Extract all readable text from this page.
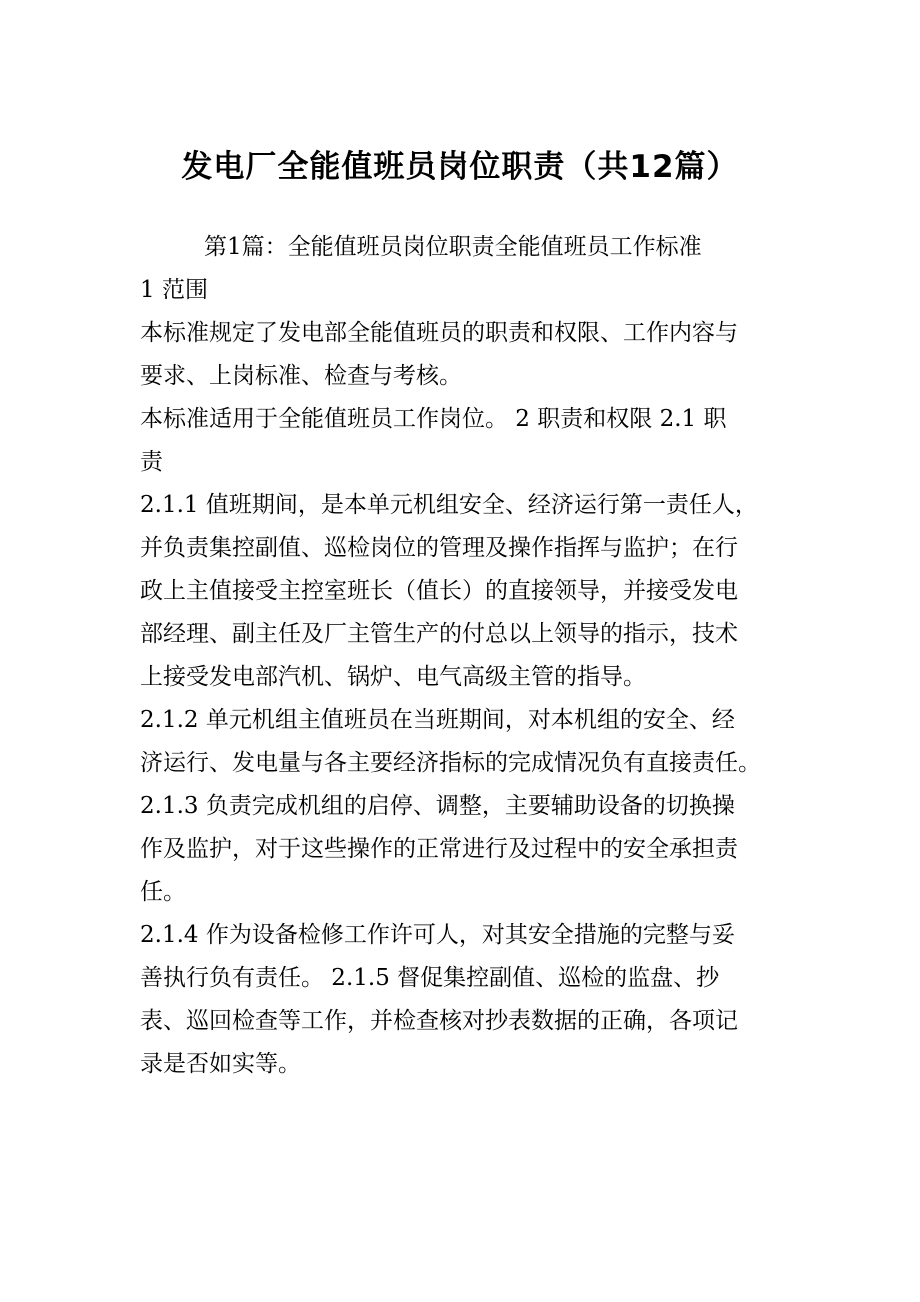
发电厂全能值班员岗位职责（共12篇）
第1篇：全能值班员岗位职责全能值班员工作标准
1 范围
本标准规定了发电部全能值班员的职责和权限、工作内容与
要求、上岗标准、检查与考核。
本标准适用于全能值班员工作岗位。 2 职责和权限 2.1 职
责
2.1.1 值班期间，是本单元机组安全、经济运行第一责任人，
并负责集控副值、巡检岗位的管理及操作指挥与监护；在行
政上主值接受主控室班长（值长）的直接领导，并接受发电
部经理、副主任及厂主管生产的付总以上领导的指示，技术
上接受发电部汽机、锅炉、电气高级主管的指导。
2.1.2 单元机组主值班员在当班期间，对本机组的安全、经
济运行、发电量与各主要经济指标的完成情况负有直接责任。
2.1.3 负责完成机组的启停、调整，主要辅助设备的切换操
作及监护，对于这些操作的正常进行及过程中的安全承担责
任。
2.1.4 作为设备检修工作许可人，对其安全措施的完整与妥
善执行负有责任。 2.1.5 督促集控副值、巡检的监盘、抄
表、巡回检查等工作，并检查核对抄表数据的正确，各项记
录是否如实等。
